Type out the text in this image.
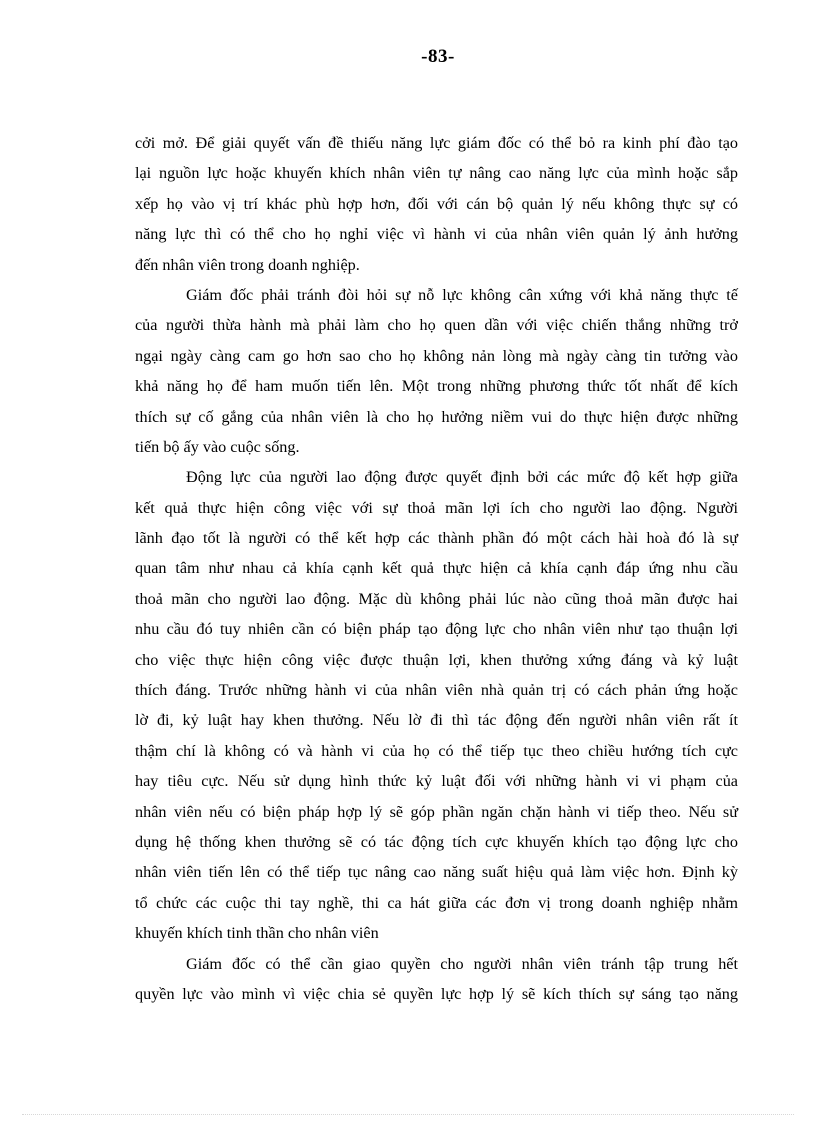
-83-
cởi mở. Để giải quyết vấn đề thiếu năng lực giám đốc có thể bỏ ra kinh phí đào tạo
lại nguồn lực hoặc khuyến khích nhân viên tự nâng cao năng lực của mình hoặc sắp
xếp họ vào vị trí khác phù hợp hơn, đối với cán bộ quản lý nếu không thực sự có
năng lực thì có thể cho họ nghỉ việc vì hành vi của nhân viên quản lý ảnh hưởng
đến nhân viên trong doanh nghiệp.
Giám đốc phải tránh đòi hỏi sự nỗ lực không cân xứng với khả năng thực tế
của người thừa hành mà phải làm cho họ quen dần với việc chiến thắng những trở
ngại ngày càng cam go hơn sao cho họ không nản lòng mà ngày càng tin tưởng vào
khả năng họ để ham muốn tiến lên. Một trong những phương thức tốt nhất để kích
thích sự cố gắng của nhân viên là cho họ hưởng niềm vui do thực hiện được những
tiến bộ ấy vào cuộc sống.
Động lực của người lao động được quyết định bởi các mức độ kết hợp giữa
kết quả thực hiện công việc với sự thoả mãn lợi ích cho người lao động. Người
lãnh đạo tốt là người có thể kết hợp các thành phần đó một cách hài hoà đó là sự
quan tâm như nhau cả khía cạnh kết quả thực hiện cả khía cạnh đáp ứng nhu cầu
thoả mãn cho người lao động. Mặc dù không phải lúc nào cũng thoả mãn được hai
nhu cầu đó tuy nhiên cần có biện pháp tạo động lực cho nhân viên như tạo thuận lợi
cho việc thực hiện công việc được thuận lợi, khen thưởng xứng đáng và kỷ luật
thích đáng. Trước những hành vi của nhân viên nhà quản trị có cách phản ứng hoặc
lờ đi, kỷ luật hay khen thưởng. Nếu lờ đi thì tác động đến người nhân viên rất ít
thậm chí là không có và hành vi của họ có thể tiếp tục theo chiều hướng tích cực
hay tiêu cực. Nếu sử dụng hình thức kỷ luật đối với những hành vi vi phạm của
nhân viên nếu có biện pháp hợp lý sẽ góp phần ngăn chặn hành vi tiếp theo. Nếu sử
dụng hệ thống khen thưởng sẽ có tác động tích cực khuyến khích tạo động lực cho
nhân viên tiến lên có thể tiếp tục nâng cao năng suất hiệu quả làm việc hơn. Định kỳ
tổ chức các cuộc thi tay nghề, thi ca hát giữa các đơn vị trong doanh nghiệp nhằm
khuyến khích tinh thần cho nhân viên
Giám đốc có thể cần giao quyền cho người nhân viên tránh tập trung hết
quyền lực vào mình vì việc chia sẻ quyền lực hợp lý sẽ kích thích sự sáng tạo năng
